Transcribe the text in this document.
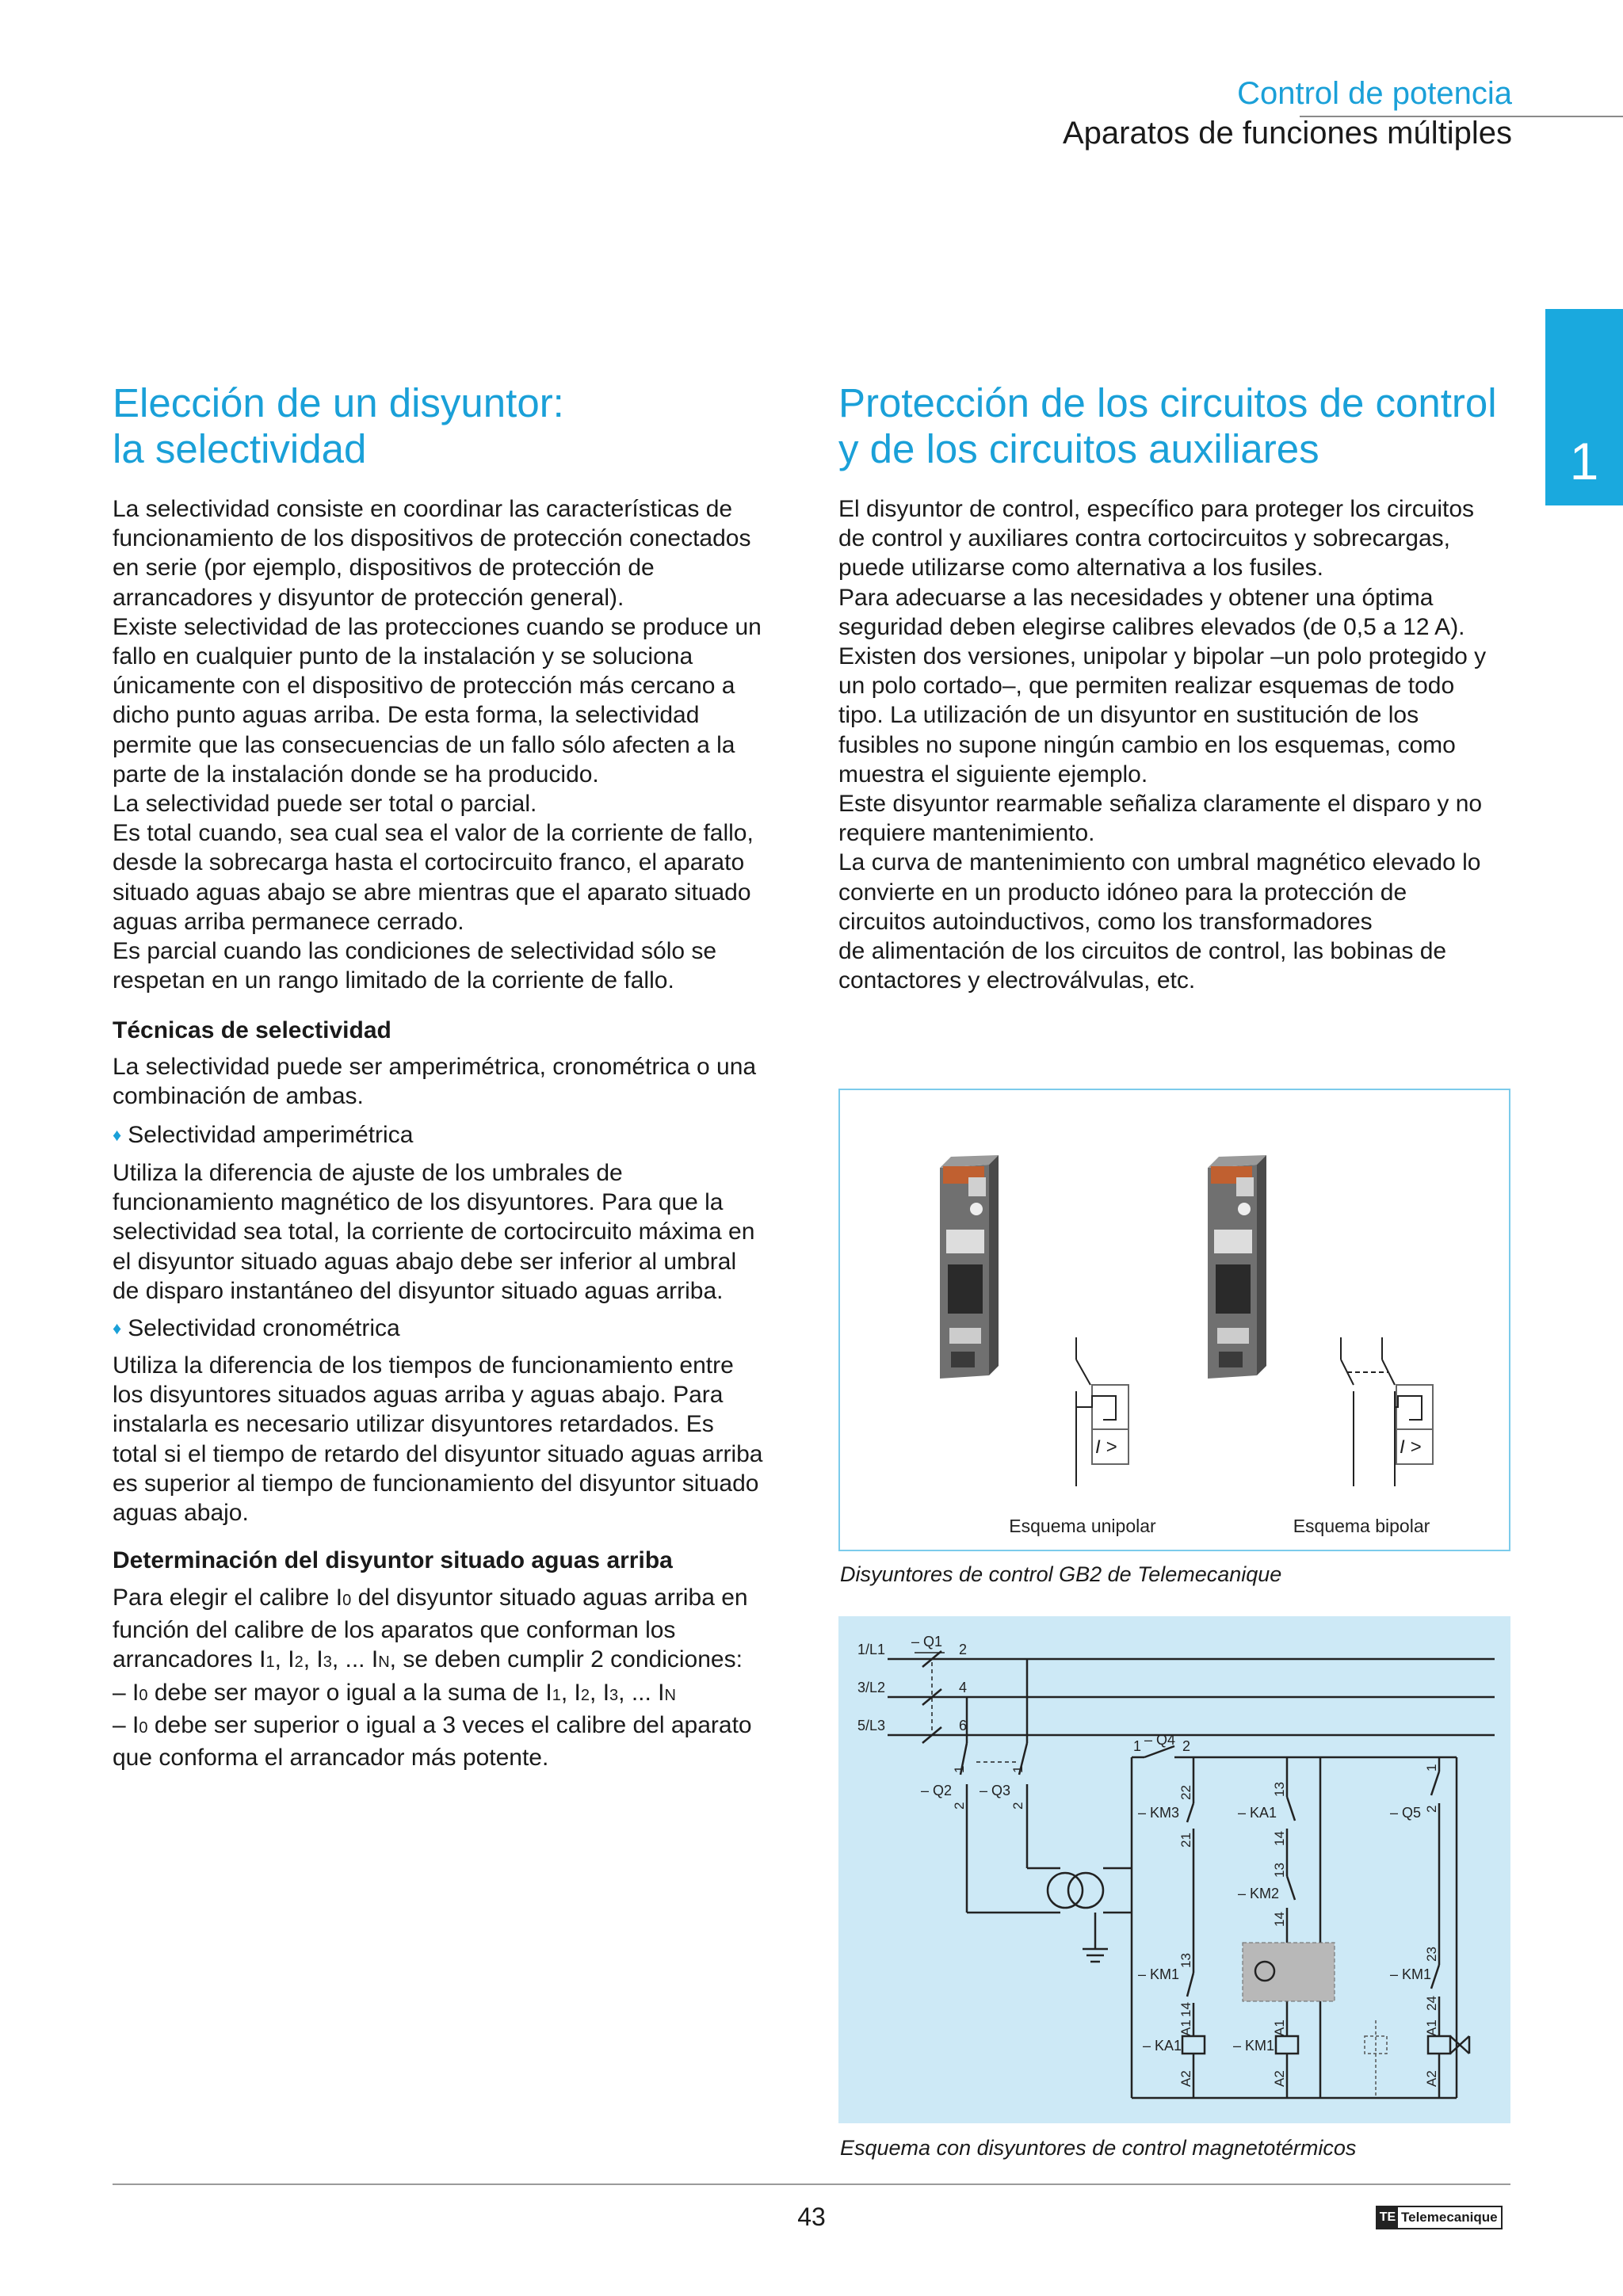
Control de potencia
Aparatos de funciones múltiples
1
Elección de un disyuntor:
la selectividad

La selectividad consiste en coordinar las características de

funcionamiento de los dispositivos de protección conectados

en serie (por ejemplo, dispositivos de protección de

arrancadores y disyuntor de protección general).

Existe selectividad de las protecciones cuando se produce un

fallo en cualquier punto de la instalación y se soluciona

únicamente con el dispositivo de protección más cercano a

dicho punto aguas arriba. De esta forma, la selectividad

permite que las consecuencias de un fallo sólo afecten a la

parte de la instalación donde se ha producido.

La selectividad puede ser total o parcial.

Es total cuando, sea cual sea el valor de la corriente de fallo,

desde la sobrecarga hasta el cortocircuito franco, el aparato

situado aguas abajo se abre mientras que el aparato situado

aguas arriba permanece cerrado.

Es parcial cuando las condiciones de selectividad sólo se

respetan en un rango limitado de la corriente de fallo.

Técnicas de selectividad

La selectividad puede ser amperimétrica, cronométrica o una

combinación de ambas.

♦ Selectividad amperimétrica

Utiliza la diferencia de ajuste de los umbrales de

funcionamiento magnético de los disyuntores. Para que la

selectividad sea total, la corriente de cortocircuito máxima en

el disyuntor situado aguas abajo debe ser inferior al umbral

de disparo instantáneo del disyuntor situado aguas arriba.

♦ Selectividad cronométrica

Utiliza la diferencia de los tiempos de funcionamiento entre

los disyuntores situados aguas arriba y aguas abajo. Para

instalarla es necesario utilizar disyuntores retardados. Es

total si el tiempo de retardo del disyuntor situado aguas arriba

es superior al tiempo de funcionamiento del disyuntor situado

aguas abajo.

Determinación del disyuntor situado aguas arriba

Para elegir el calibre I0 del disyuntor situado aguas arriba en

función del calibre de los aparatos que conforman los

arrancadores I1, I2, I3, ... IN, se deben cumplir 2 condiciones:

– I0 debe ser mayor o igual a la suma de I1, I2, I3, ... IN

– I0 debe ser superior o igual a 3 veces el calibre del aparato

que conforma el arrancador más potente.

Protección de los circuitos de control
y de los circuitos auxiliares

El disyuntor de control, específico para proteger los circuitos

de control y auxiliares contra cortocircuitos y sobrecargas,

puede utilizarse como alternativa a los fusiles.

Para adecuarse a las necesidades y obtener una óptima

seguridad deben elegirse calibres elevados (de 0,5 a 12 A).

Existen dos versiones, unipolar y bipolar –un polo protegido y

un polo cortado–, que permiten realizar esquemas de todo

tipo. La utilización de un disyuntor en sustitución de los

fusibles no supone ningún cambio en los esquemas, como

muestra el siguiente ejemplo.

Este disyuntor rearmable señaliza claramente el disparo y no

requiere mantenimiento.

La curva de mantenimiento con umbral magnético elevado lo

convierte en un producto idóneo para la protección de

circuitos autoinductivos, como los transformadores

de alimentación de los circuitos de control, las bobinas de

contactores y electroválvulas, etc.

I >	I >
Esquema unipolar	Esquema bipolar
Disyuntores de control GB2 de Telemecanique
1/L1
3/L2
5/L3
– Q1 2
4
6
– Q2 – Q3
1 – Q4 2
– KM3	– KA1
– KM2
– KM1
– Q5
– KM1
– KA1	– KM1
1
2
1
2
22
21
13
14
13
14
13
14
A1
A2
A1
A2
1
2
23
24
A1
A2
Esquema con disyuntores de control magnetotérmicos
43	TE Telemecanique
